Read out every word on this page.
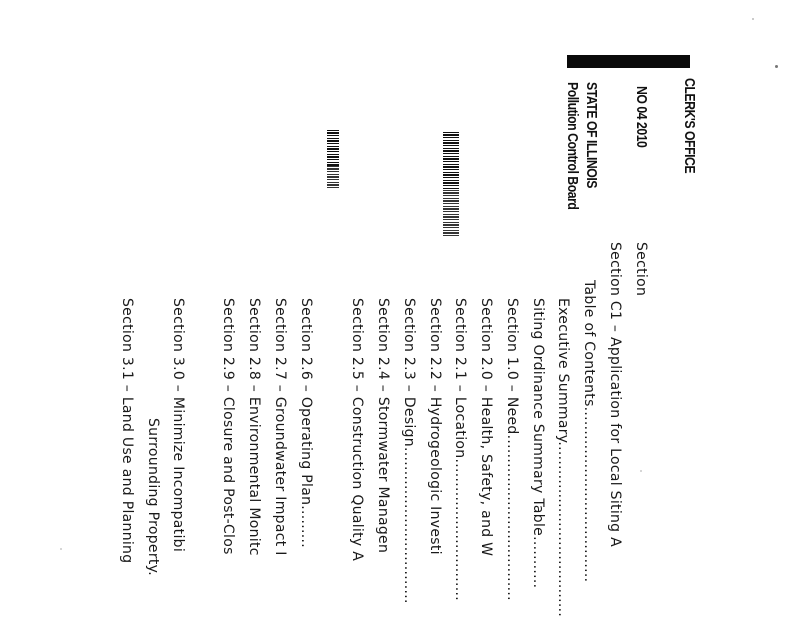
CLERK'S OFFICE
NO 04 2010
STATE OF ILLINOIS
Pollution Control Board
Section
Section C1 – Application for Local Siting A
Table of Contents.....................................
Executive Summary.....................................
Siting Ordinance Summary Table...........
Section 1.0 – Need...................................
Section 2.0 – Health, Safety, and W
Section 2.1 – Location..............................
Section 2.2 – Hydrogeologic Investi
Section 2.3 – Design.................................
Section 2.4 – Stormwater Managen
Section 2.5 – Construction Quality A
Section 2.6 – Operating Plan.........
Section 2.7 – Groundwater Impact I
Section 2.8 – Environmental Monitc
Section 2.9 – Closure and Post-Clos
Section 3.0 – Minimize Incompatibi
Surrounding Property.
Section 3.1 – Land Use and Planning
